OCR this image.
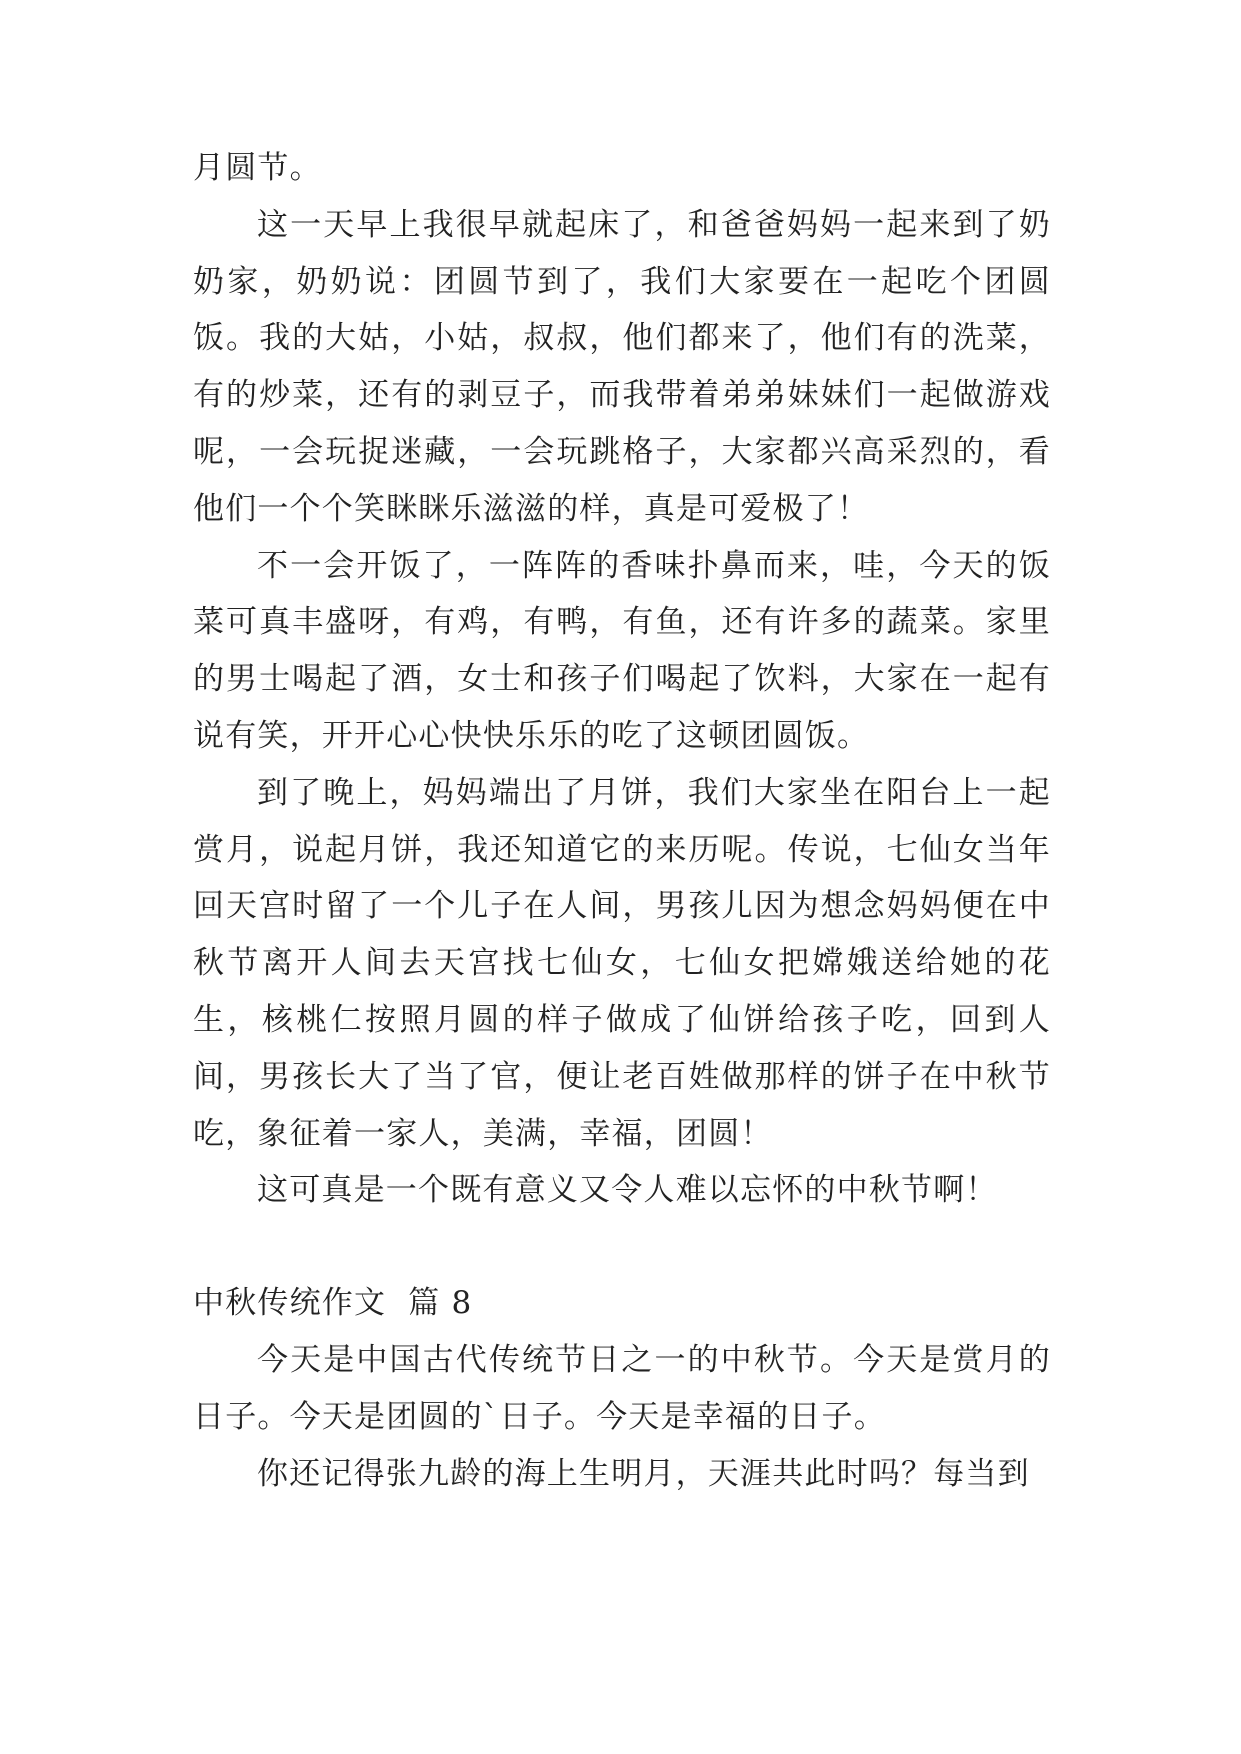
月圆节。

这一天早上我很早就起床了，和爸爸妈妈一起来到了奶奶家，奶奶说：团圆节到了，我们大家要在一起吃个团圆饭。我的大姑，小姑，叔叔，他们都来了，他们有的洗菜，有的炒菜，还有的剥豆子，而我带着弟弟妹妹们一起做游戏呢，一会玩捉迷藏，一会玩跳格子，大家都兴高采烈的，看他们一个个笑眯眯乐滋滋的样，真是可爱极了！

不一会开饭了，一阵阵的香味扑鼻而来，哇，今天的饭菜可真丰盛呀，有鸡，有鸭，有鱼，还有许多的蔬菜。家里的男士喝起了酒，女士和孩子们喝起了饮料，大家在一起有说有笑，开开心心快快乐乐的吃了这顿团圆饭。

到了晚上，妈妈端出了月饼，我们大家坐在阳台上一起赏月，说起月饼，我还知道它的来历呢。传说，七仙女当年回天宫时留了一个儿子在人间，男孩儿因为想念妈妈便在中秋节离开人间去天宫找七仙女，七仙女把嫦娥送给她的花生，核桃仁按照月圆的样子做成了仙饼给孩子吃，回到人间，男孩长大了当了官，便让老百姓做那样的饼子在中秋节吃，象征着一家人，美满，幸福，团圆！

这可真是一个既有意义又令人难以忘怀的中秋节啊！

中秋传统作文 篇 8

今天是中国古代传统节日之一的中秋节。今天是赏月的日子。今天是团圆的`日子。今天是幸福的日子。

你还记得张九龄的海上生明月，天涯共此时吗？每当到
